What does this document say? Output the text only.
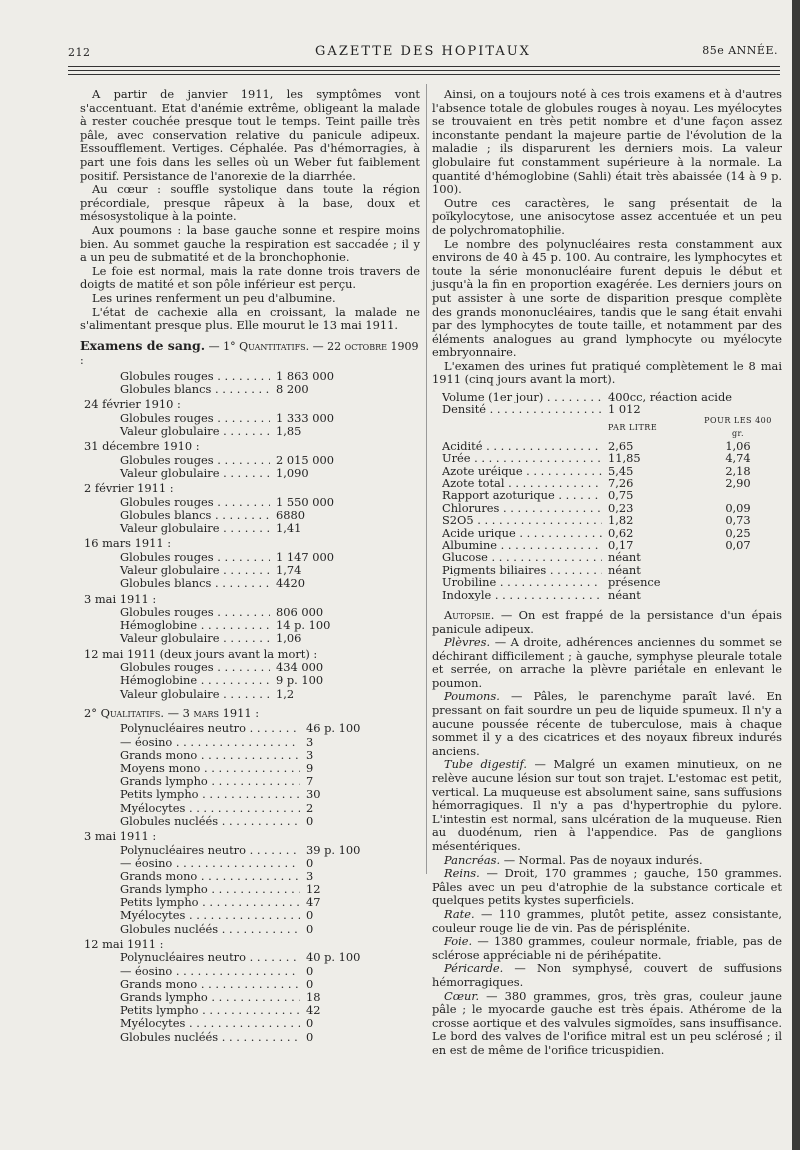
212	GAZETTE DES HOPITAUX	85e ANNÉE.

A partir de janvier 1911, les symptômes vont s'accentuant. Etat d'anémie extrême, obligeant la malade à rester couchée presque tout le temps. Teint paille très pâle, avec conservation relative du panicule adipeux. Essoufflement. Vertiges. Céphalée. Pas d'hémorragies, à part une fois dans les selles où un Weber fut faiblement positif. Persistance de l'anorexie de la diarrhée.

Au cœur : souffle systolique dans toute la région précordiale, presque râpeux à la base, doux et mésosystolique à la pointe.

Aux poumons : la base gauche sonne et respire moins bien. Au sommet gauche la respiration est saccadée ; il y a un peu de submatité et de la bronchophonie.

Le foie est normal, mais la rate donne trois travers de doigts de matité et son pôle inférieur est perçu.

Les urines renferment un peu d'albumine.

L'état de cachexie alla en croissant, la malade ne s'alimentant presque plus. Elle mourut le 13 mai 1911.

Examens de sang. — 1° Quantitatifs. — 22 octobre 1909 :
Globules rouges . . .	1 863 000
Globules blancs . . .	8 200
24 février 1910 :
Globules rouges . . .	1 333 000
Valeur globulaire . . .	1,85
31 décembre 1910 :
Globules rouges . . .	2 015 000
Valeur globulaire . . .	1,090
2 février 1911 :
Globules rouges . . .	1 550 000
Globules blancs . . .	6880
Valeur globulaire . . .	1,41
16 mars 1911 :
Globules rouges . . .	1 147 000
Valeur globulaire . . .	1,74
Globules blancs . . .	4420
3 mai 1911 :
Globules rouges . . .	806 000
Hémoglobine . . .	14 p. 100
Valeur globulaire . . .	1,06
12 mai 1911 (deux jours avant la mort) :
Globules rouges . . .	434 000
Hémoglobine . . .	9 p. 100
Valeur globulaire . . .	1,2
2° Qualitatifs. — 3 mars 1911 :
Polynucléaires neutro . . .	46 p. 100
— éosino . . .	3
Grands mono . . .	3
Moyens mono . . .	9
Grands lympho . . .	7
Petits lympho . . .	30
Myélocytes . . .	2
Globules nucléés . . .	0
3 mai 1911 :
Polynucléaires neutro . . .	39 p. 100
— éosino . . .	0
Grands mono . . .	3
Grands lympho . . .	12
Petits lympho . . .	47
Myélocytes . . .	0
Globules nucléés . . .	0
12 mai 1911 :
Polynucléaires neutro . . .	40 p. 100
— éosino . . .	0
Grands mono . . .	0
Grands lympho . . .	18
Petits lympho . . .	42
Myélocytes . . .	0
Globules nucléés . . .	0

Ainsi, on a toujours noté à ces trois examens et à d'autres l'absence totale de globules rouges à noyau. Les myélocytes se trouvaient en très petit nombre et d'une façon assez inconstante pendant la majeure partie de l'évolution de la maladie ; ils disparurent les derniers mois. La valeur globulaire fut constamment supérieure à la normale. La quantité d'hémoglobine (Sahli) était très abaissée (14 à 9 p. 100).

Outre ces caractères, le sang présentait de la poïkylocytose, une anisocytose assez accentuée et un peu de polychromatophilie.

Le nombre des polynucléaires resta constamment aux environs de 40 à 45 p. 100. Au contraire, les lymphocytes et toute la série mononucléaire furent depuis le début et jusqu'à la fin en proportion exagérée. Les derniers jours on put assister à une sorte de disparition presque complète des grands mononucléaires, tandis que le sang était envahi par des lymphocytes de toute taille, et notamment par des éléments analogues au grand lymphocyte ou myélocyte embryonnaire.

L'examen des urines fut pratiqué complètement le 8 mai 1911 (cinq jours avant la mort).

Volume (1er jour) . . .	400cc, réaction acide
Densité . . .	1 012
PAR LITRE
POUR LES 400 gr.
Acidité . . .	2,65	1,06
Urée . . .	11,85	4,74
Azote uréique . . .	5,45	2,18
Azote total . . .	7,26	2,90
Rapport azoturique . . .	0,75
Chlorures . . .	0,23	0,09
S2O5 . . .	1,82	0,73
Acide urique . . .	0,62	0,25
Albumine . . .	0,17	0,07
Glucose . . .	néant
Pigments biliaires . . .	néant
Urobiline . . .	présence
Indoxyle . . .	néant

Autopsie. — On est frappé de la persistance d'un épais panicule adipeux.

Plèvres. — A droite, adhérences anciennes du sommet se déchirant difficilement ; à gauche, symphyse pleurale totale et serrée, on arrache la plèvre pariétale en enlevant le poumon.

Poumons. — Pâles, le parenchyme paraît lavé. En pressant on fait sourdre un peu de liquide spumeux. Il n'y a aucune poussée récente de tuberculose, mais à chaque sommet il y a des cicatrices et des noyaux fibreux indurés anciens.

Tube digestif. — Malgré un examen minutieux, on ne relève aucune lésion sur tout son trajet. L'estomac est petit, vertical. La muqueuse est absolument saine, sans suffusions hémorragiques. Il n'y a pas d'hypertrophie du pylore. L'intestin est normal, sans ulcération de la muqueuse. Rien au duodénum, rien à l'appendice. Pas de ganglions mésentériques.

Pancréas. — Normal. Pas de noyaux indurés.

Reins. — Droit, 170 grammes ; gauche, 150 grammes. Pâles avec un peu d'atrophie de la substance corticale et quelques petits kystes superficiels.

Rate. — 110 grammes, plutôt petite, assez consistante, couleur rouge lie de vin. Pas de périsplénite.

Foie. — 1380 grammes, couleur normale, friable, pas de sclérose appréciable ni de périhépatite.

Péricarde. — Non symphysé, couvert de suffusions hémorragiques.

Cœur. — 380 grammes, gros, très gras, couleur jaune pâle ; le myocarde gauche est très épais. Athérome de la crosse aortique et des valvules sigmoïdes, sans insuffisance. Le bord des valves de l'orifice mitral est un peu sclérosé ; il en est de même de l'orifice tricuspidien.
